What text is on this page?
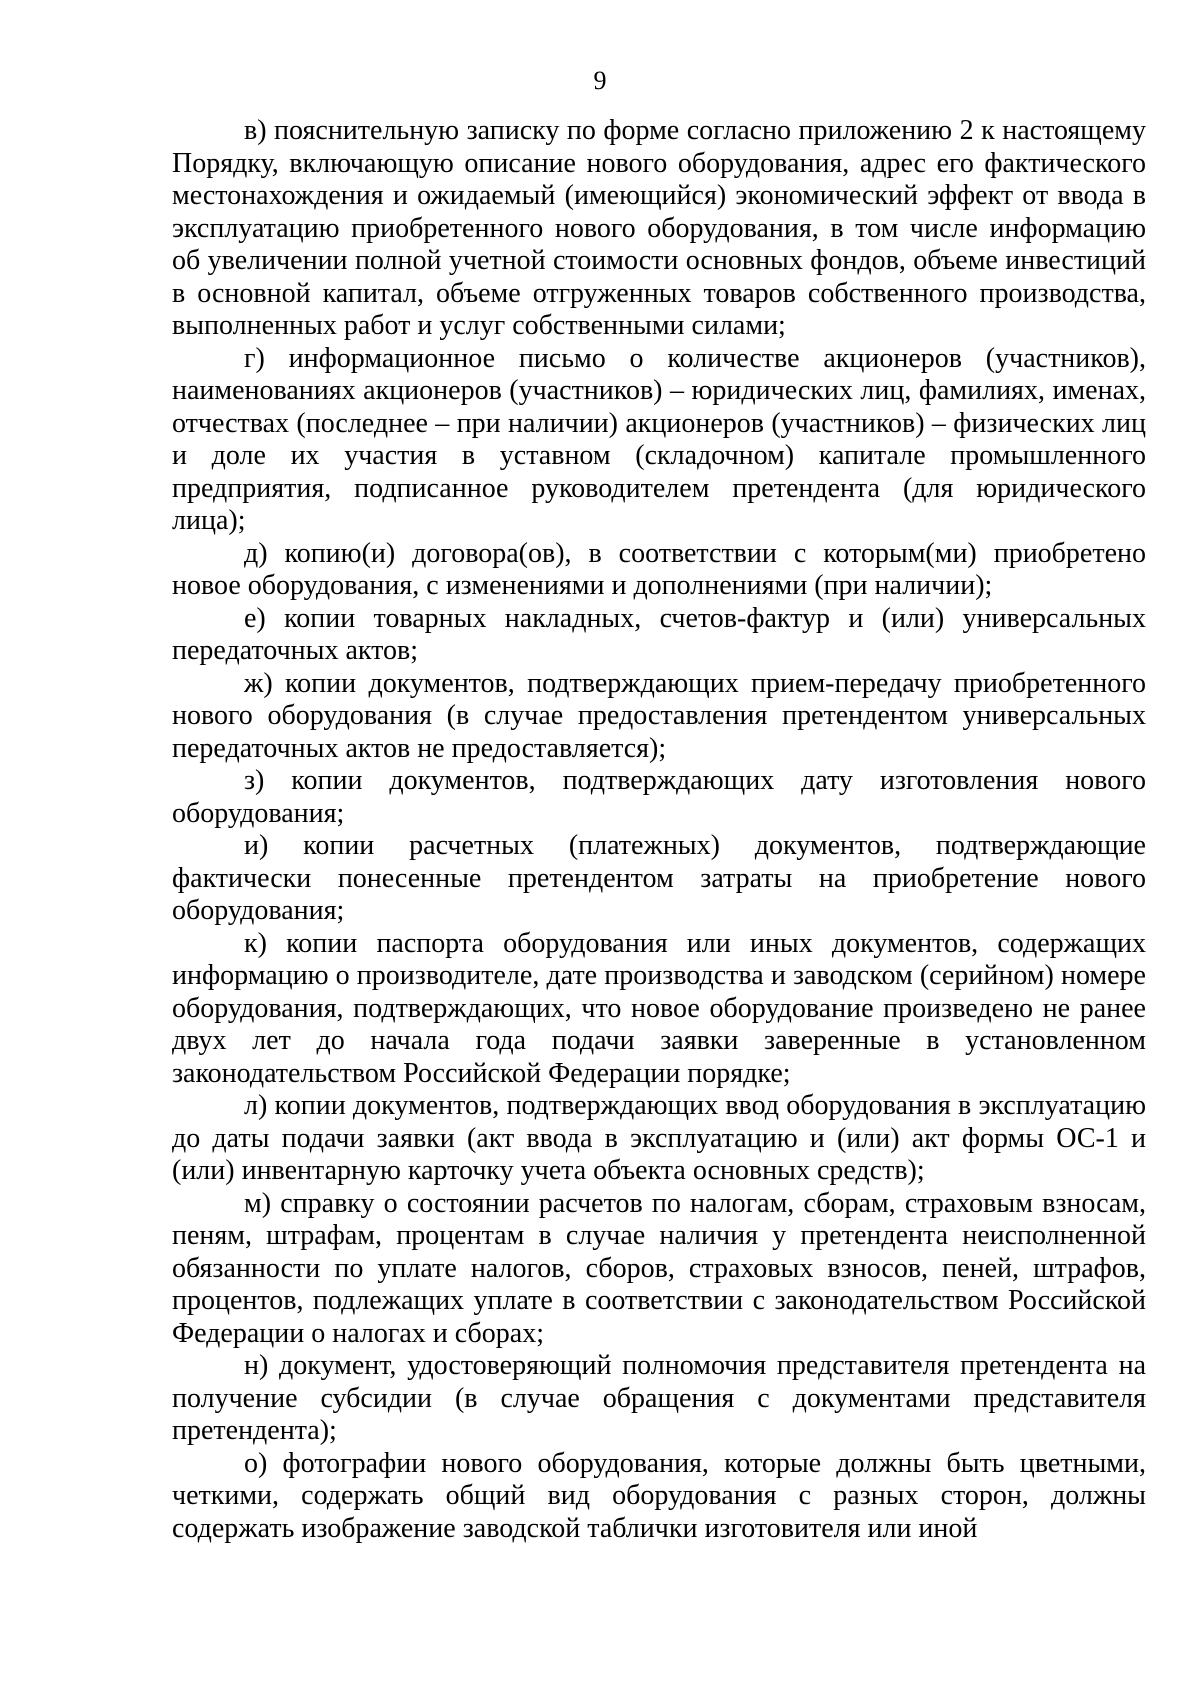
9

в) пояснительную записку по форме согласно приложению 2 к настоящему Порядку, включающую описание нового оборудования, адрес его фактического местонахождения и ожидаемый (имеющийся) экономический эффект от ввода в эксплуатацию приобретенного нового оборудования, в том числе информацию об увеличении полной учетной стоимости основных фондов, объеме инвестиций в основной капитал, объеме отгруженных товаров собственного производства, выполненных работ и услуг собственными силами;

г) информационное письмо о количестве акционеров (участников), наименованиях акционеров (участников) – юридических лиц, фамилиях, именах, отчествах (последнее – при наличии) акционеров (участников) – физических лиц и доле их участия в уставном (складочном) капитале промышленного предприятия, подписанное руководителем претендента (для юридического лица);

д) копию(и) договора(ов), в соответствии с которым(ми) приобретено новое оборудования, с изменениями и дополнениями (при наличии);

е) копии товарных накладных, счетов-фактур и (или) универсальных передаточных актов;

ж) копии документов, подтверждающих прием-передачу приобретенного нового оборудования (в случае предоставления претендентом универсальных передаточных актов не предоставляется);

з) копии документов, подтверждающих дату изготовления нового оборудования;

и) копии расчетных (платежных) документов, подтверждающие фактически понесенные претендентом затраты на приобретение нового оборудования;

к) копии паспорта оборудования или иных документов, содержащих информацию о производителе, дате производства и заводском (серийном) номере оборудования, подтверждающих, что новое оборудование произведено не ранее двух лет до начала года подачи заявки заверенные в установленном законодательством Российской Федерации порядке;

л) копии документов, подтверждающих ввод оборудования в эксплуатацию до даты подачи заявки (акт ввода в эксплуатацию и (или) акт формы ОС-1 и (или) инвентарную карточку учета объекта основных средств);

м) справку о состоянии расчетов по налогам, сборам, страховым взносам, пеням, штрафам, процентам в случае наличия у претендента неисполненной обязанности по уплате налогов, сборов, страховых взносов, пеней, штрафов, процентов, подлежащих уплате в соответствии с законодательством Российской Федерации о налогах и сборах;

н) документ, удостоверяющий полномочия представителя претендента на получение субсидии (в случае обращения с документами представителя претендента);

о) фотографии нового оборудования, которые должны быть цветными, четкими, содержать общий вид оборудования с разных сторон, должны содержать изображение заводской таблички изготовителя или иной
